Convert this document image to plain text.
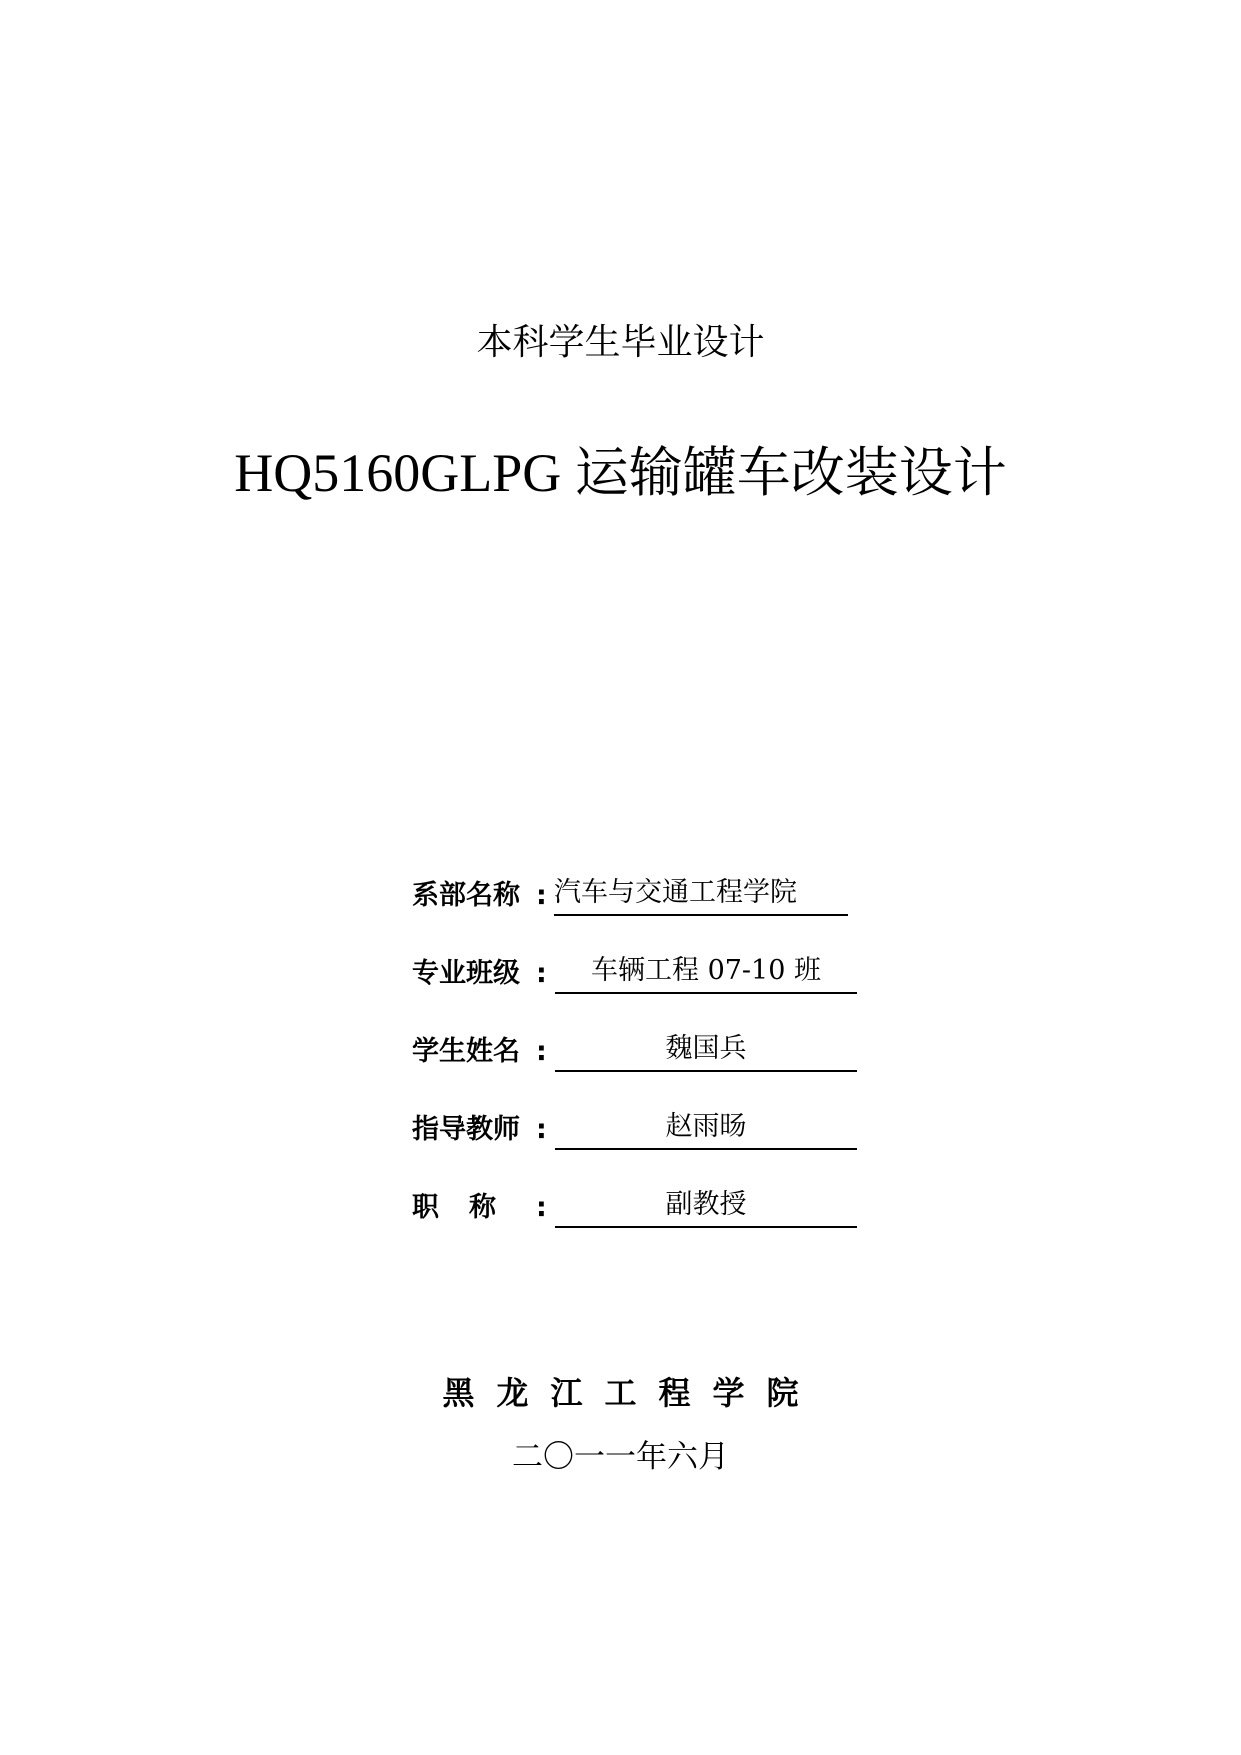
本科学生毕业设计
HQ5160GLPG 运输罐车改装设计
系部名称 : 汽车与交通工程学院
专业班级 :	车辆工程 07-10 班
学生姓名 :	魏国兵
指导教师 :	赵雨旸
职称 :	副教授
黑龙江工程学院
二〇一一年六月
